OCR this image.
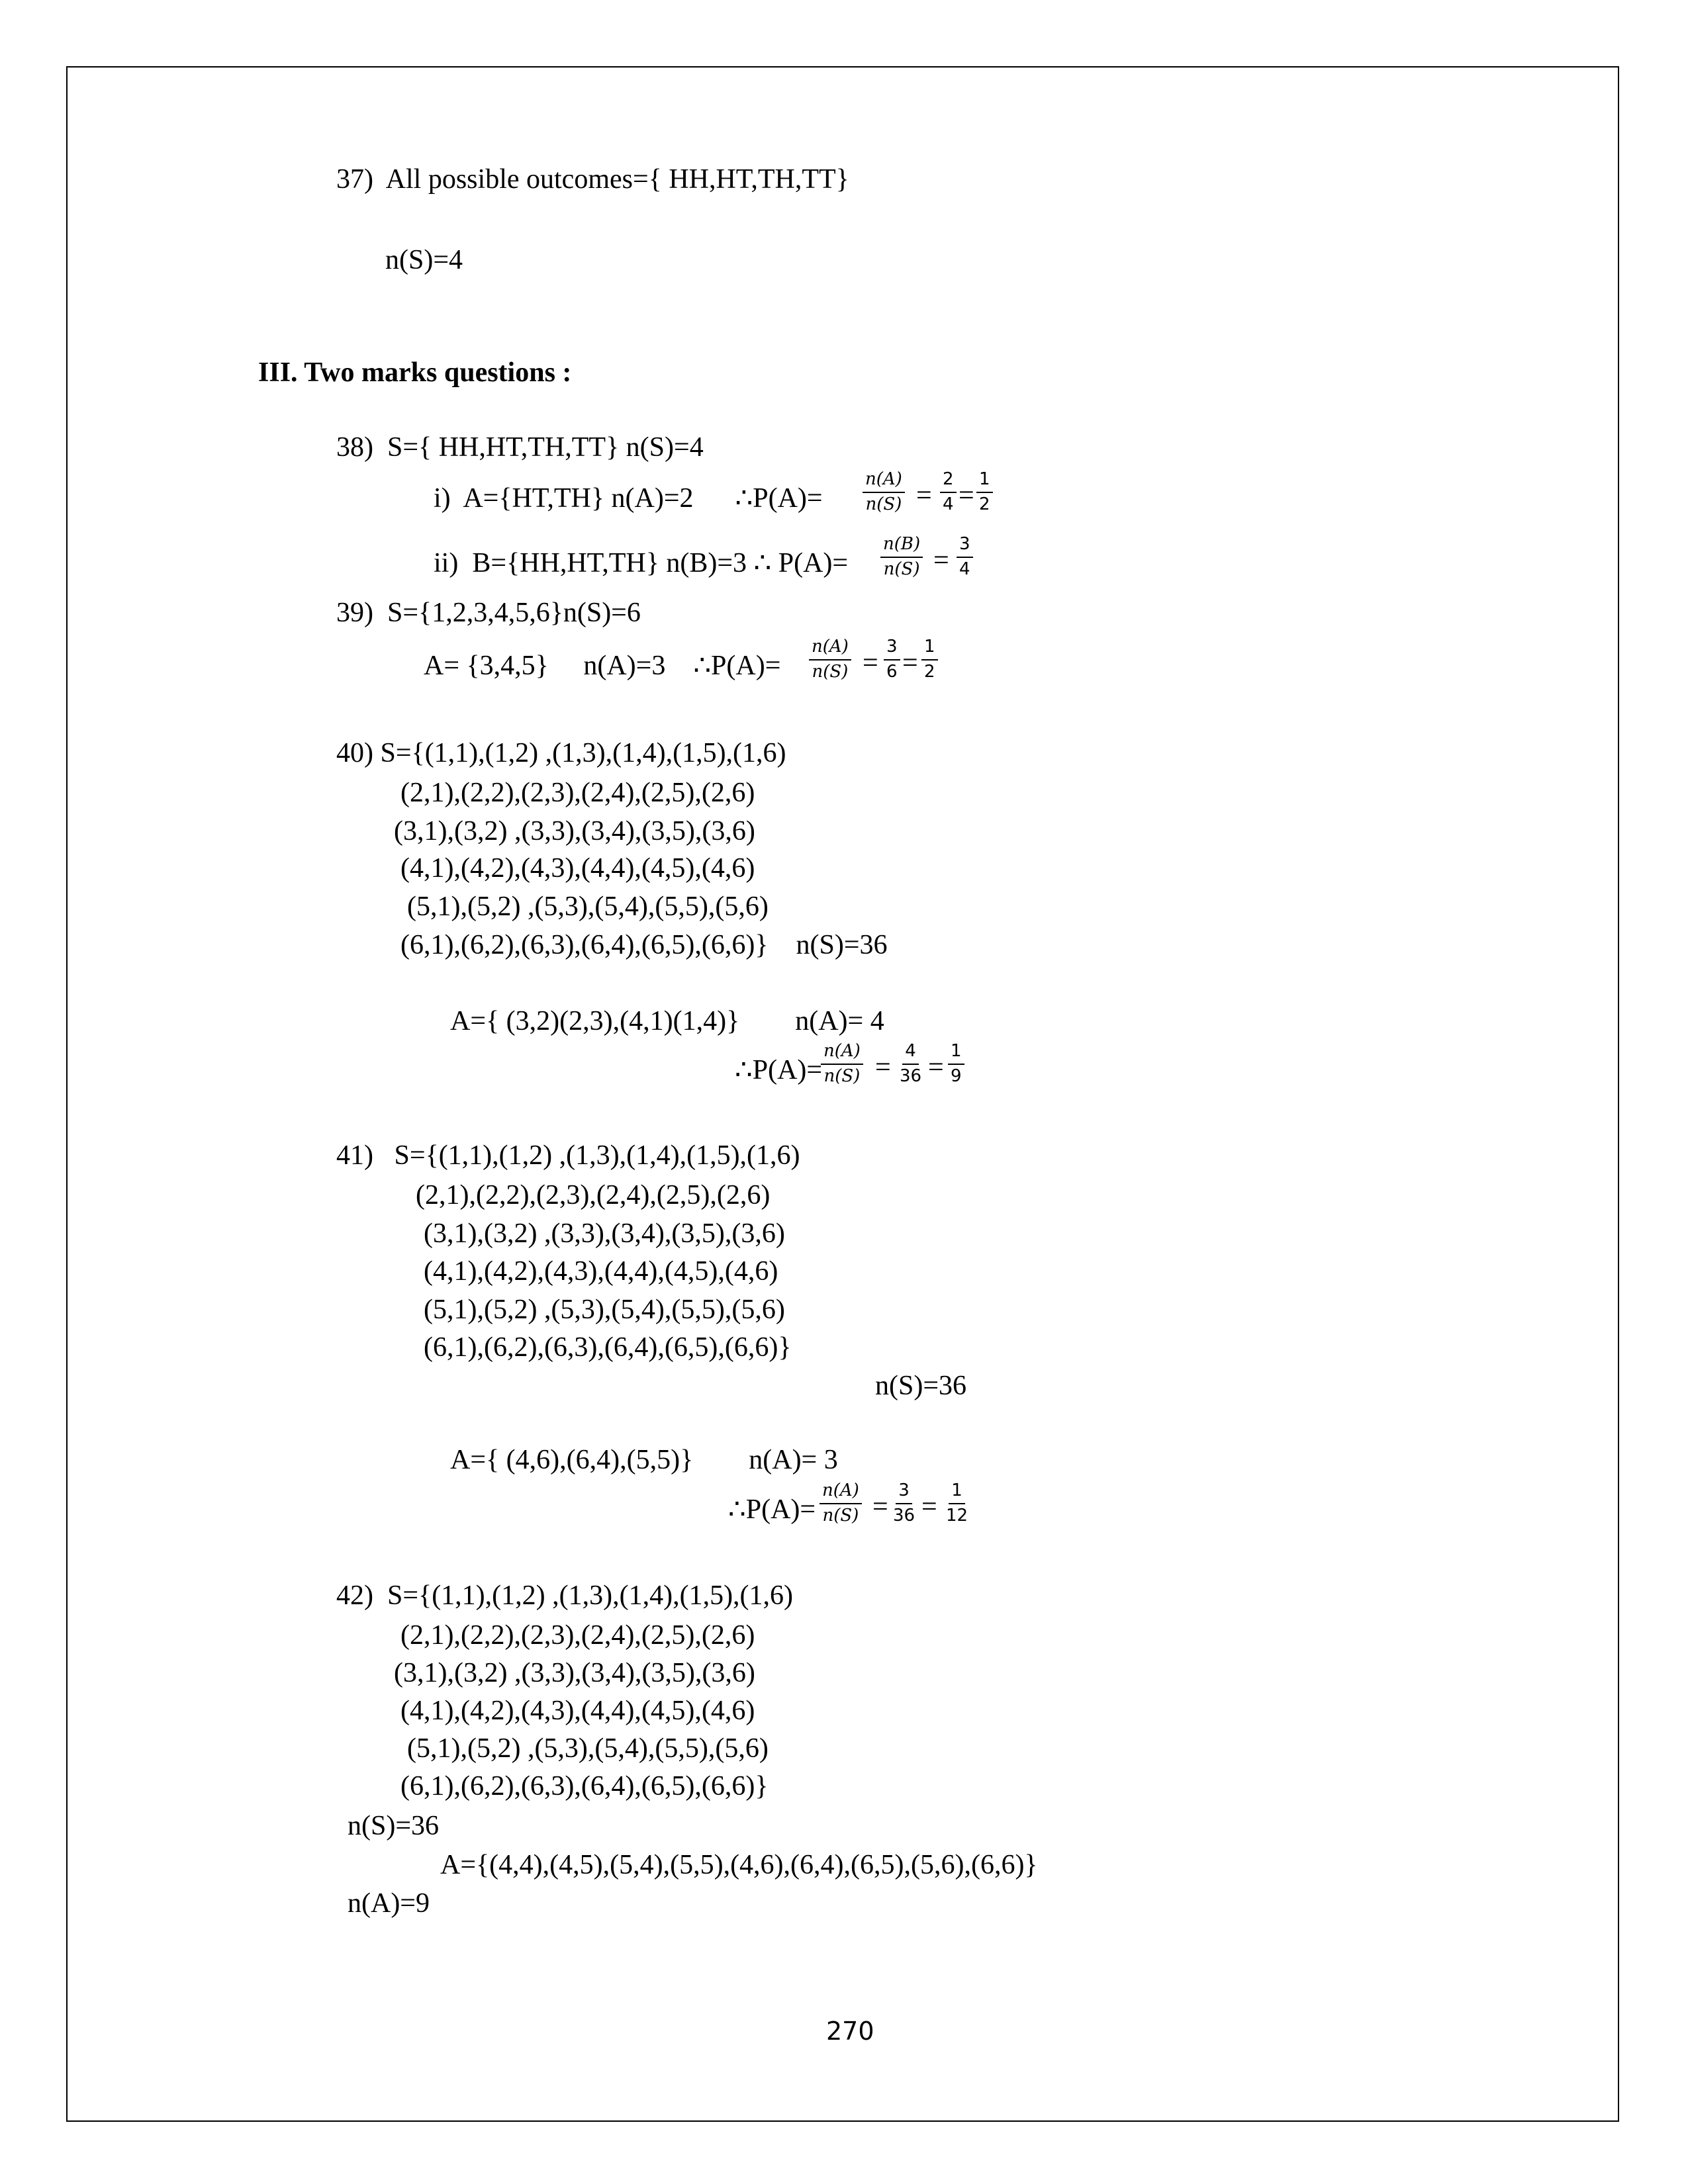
37)  All possible outcomes={ HH,HT,TH,TT}
n(S)=4
III. Two marks questions :
38)  S={ HH,HT,TH,TT} n(S)=4
i)  A={HT,TH} n(A)=2      ∴P(A)= $\frac{n(A)}{n(S)} = \frac{2}{4} = \frac{1}{2}$
ii)  B={HH,HT,TH} n(B)=3 ∴ $P(A)= \frac{n(B)}{n(S)} = \frac{3}{4}$
39)  S={1,2,3,4,5,6}n(S)=6
A= {3,4,5}     n(A)=3    ∴P(A)= $\frac{n(A)}{n(S)} = \frac{3}{6} = \frac{1}{2}$
40) S={(1,1),(1,2) ,(1,3),(1,4),(1,5),(1,6)
(2,1),(2,2),(2,3),(2,4),(2,5),(2,6)
(3,1),(3,2) ,(3,3),(3,4),(3,5),(3,6)
(4,1),(4,2),(4,3),(4,4),(4,5),(4,6)
(5,1),(5,2) ,(5,3),(5,4),(5,5),(5,6)
(6,1),(6,2),(6,3),(6,4),(6,5),(6,6)}    n(S)=36
A={ (3,2)(2,3),(4,1)(1,4)}        n(A)= 4
∴P(A)=
$\frac{n(A)}{n(S)} = \frac{4}{36} = \frac{1}{9}$
41)   S={(1,1),(1,2) ,(1,3),(1,4),(1,5),(1,6)
(2,1),(2,2),(2,3),(2,4),(2,5),(2,6)
(3,1),(3,2) ,(3,3),(3,4),(3,5),(3,6)
(4,1),(4,2),(4,3),(4,4),(4,5),(4,6)
(5,1),(5,2) ,(5,3),(5,4),(5,5),(5,6)
(6,1),(6,2),(6,3),(6,4),(6,5),(6,6)}
n(S)=36
A={ (4,6),(6,4),(5,5)}        n(A)= 3
∴P(A)= $\frac{n(A)}{n(S)} = \frac{3}{36} = \frac{1}{12}$
42)  S={(1,1),(1,2) ,(1,3),(1,4),(1,5),(1,6)
(2,1),(2,2),(2,3),(2,4),(2,5),(2,6)
(3,1),(3,2) ,(3,3),(3,4),(3,5),(3,6)
(4,1),(4,2),(4,3),(4,4),(4,5),(4,6)
(5,1),(5,2) ,(5,3),(5,4),(5,5),(5,6)
(6,1),(6,2),(6,3),(6,4),(6,5),(6,6)}
n(S)=36
A={(4,4),(4,5),(5,4),(5,5),(4,6),(6,4),(6,5),(5,6),(6,6)}
n(A)=9
270
